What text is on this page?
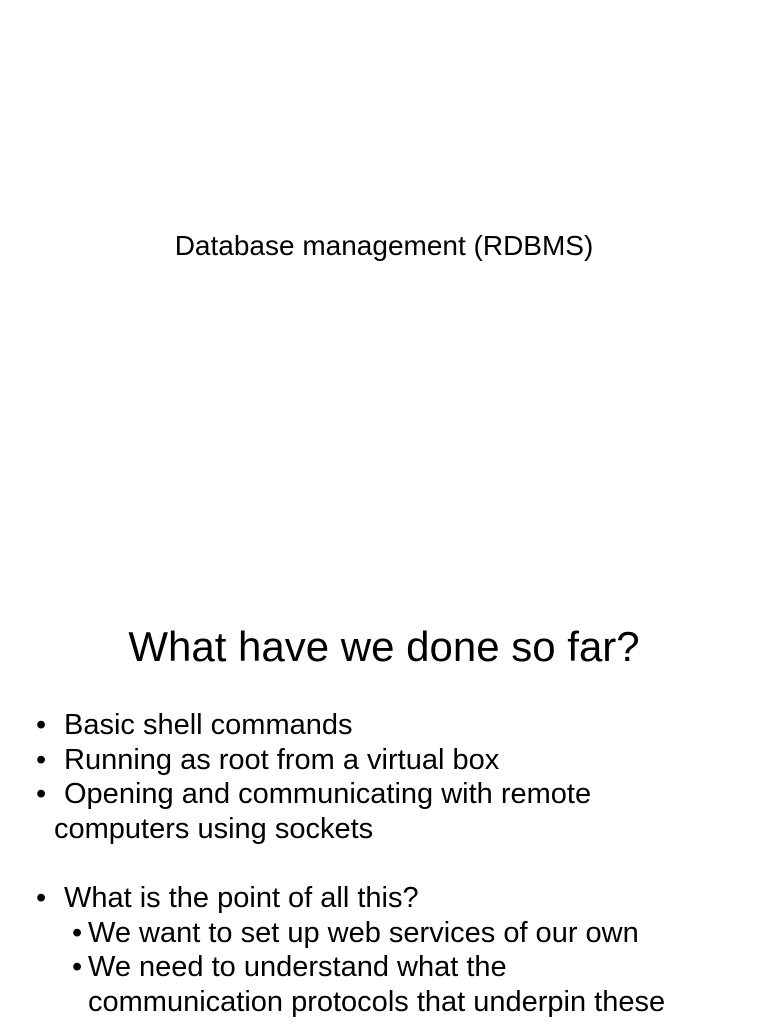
Database management (RDBMS)
What have we done so far?
• Basic shell commands
• Running as root from a virtual box
• Opening and communicating with remote
computers using sockets
• What is the point of all this?
• We want to set up web services of our own
• We need to understand what the
communication protocols that underpin these
